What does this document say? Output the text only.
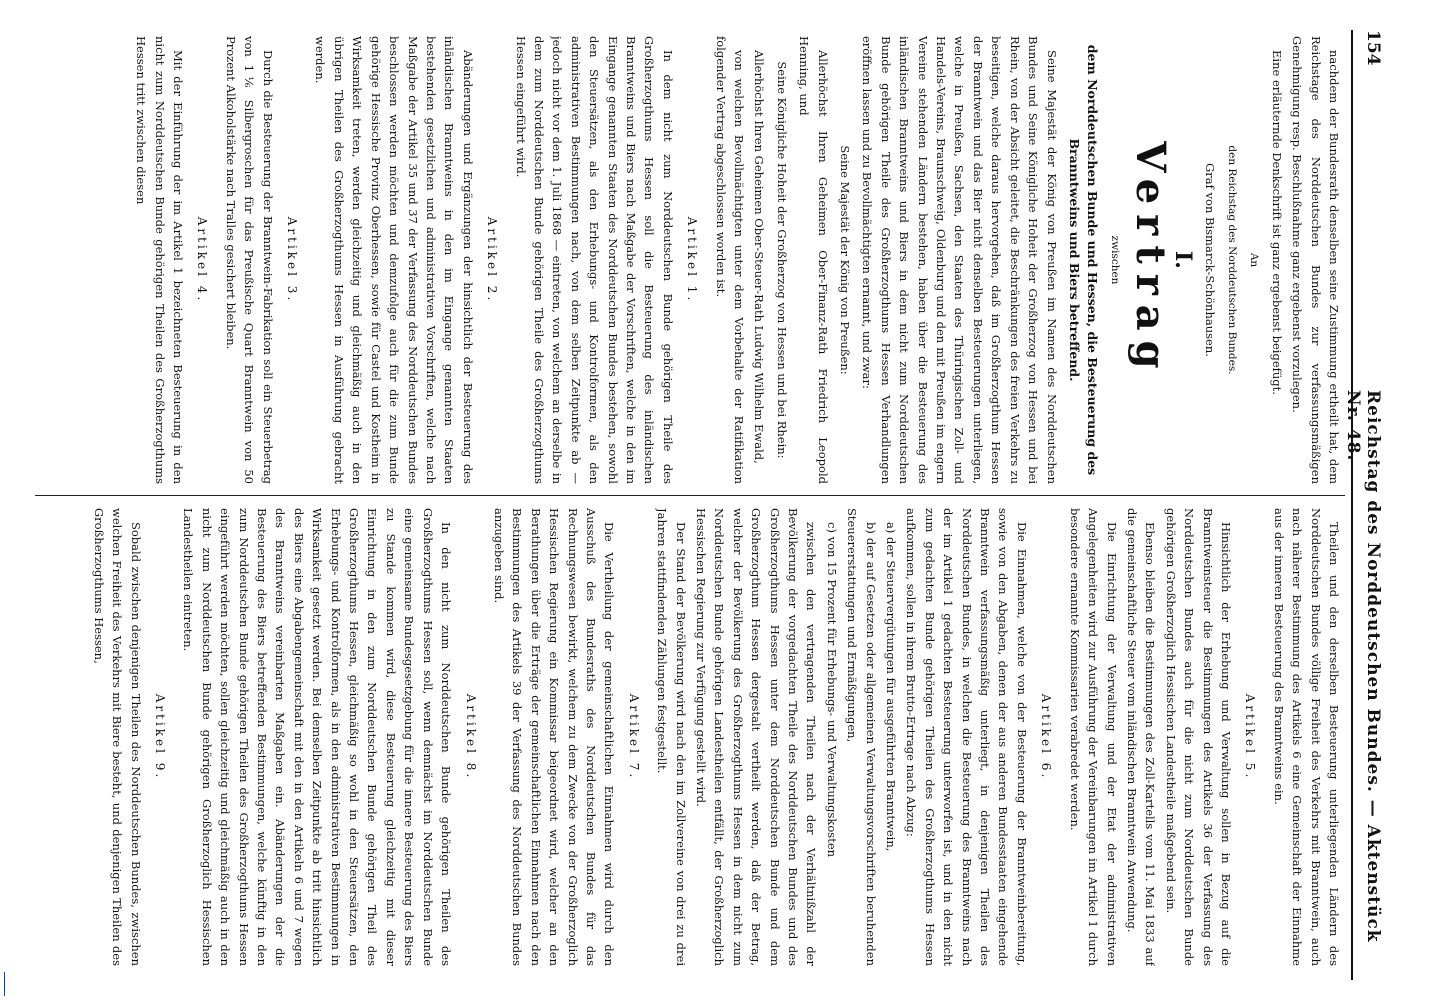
154
Reichstag des Norddeutschen Bundes. — Aktenstück Nr. 48.

nachdem der Bundesrath denselben seine Zustimmung ertheilt hat, dem Reichstage des Norddeutschen Bundes zur verfassungsmäßigen Genehmigung resp. Beschlußnahme ganz ergebenst vorzulegen.

Eine erläuternde Denkschrift ist ganz ergebenst beigefügt.

An

den Reichstag des Norddeutschen Bundes.

Graf von Bismarck-Schönhausen.

I.

Vertrag

zwischen

dem Norddeutschen Bunde und Hessen, die Besteuerung des Branntweins und Biers betreffend.

Seine Majestät der König von Preußen im Namen des Norddeutschen Bundes und Seine Königliche Hoheit der Großherzog von Hessen und bei Rhein, von der Absicht geleitet, die Beschränkungen des freien Verkehrs zu beseitigen, welche daraus hervorgehen, daß im Großherzogthum Hessen der Branntwein und das Bier nicht denselben Besteuerungen unterliegen, welche in Preußen, Sachsen, den Staaten des Thüringischen Zoll- und Handels-Vereins, Braunschweig, Oldenburg und den mit Preußen im engern Vereine stehenden Ländern bestehen, haben über die Besteuerung des inländischen Branntweins und Biers in dem nicht zum Norddeutschen Bunde gehörigen Theile des Großherzogthums Hessen Verhandlungen eröffnen lassen und zu Bevollmächtigten ernannt, und zwar:

Seine Majestät der König von Preußen:

Allerhöchst Ihren Geheimen Ober-Finanz-Rath Friedrich Leopold Henning, und

Seine Königliche Hoheit der Großherzog von Hessen und bei Rhein:

Allerhöchst Ihren Geheimen Ober-Steuer-Rath Ludwig Wilhelm Ewald,

von welchen Bevollmächtigten unter dem Vorbehalte der Ratifikation folgender Vertrag abgeschlossen worden ist.

Artikel 1.

In dem nicht zum Norddeutschen Bunde gehörigen Theile des Großherzogthums Hessen soll die Besteuerung des inländischen Branntweins und Biers nach Maßgabe der Vorschriften, welche in den im Eingange genannten Staaten des Norddeutschen Bundes bestehen, sowohl den Steuersätzen, als den Erhebungs- und Kontrolformen, als den administrativen Bestimmungen nach, von dem selben Zeitpunkte ab — jedoch nicht vor dem 1. Juli 1868 — eintreten, von welchem an derselbe in dem zum Norddeutschen Bunde gehörigen Theile des Großherzogthums Hessen eingeführt wird.

Artikel 2.

Abänderungen und Ergänzungen der hinsichtlich der Besteuerung des inländischen Branntweins in den im Eingange genannten Staaten bestehenden gesetzlichen und administrativen Vorschriften, welche nach Maßgabe der Artikel 35 und 37 der Verfassung des Norddeutschen Bundes beschlossen werden möchten und demzufolge auch für die zum Bunde gehörige Hessische Provinz Oberhessen, sowie für Castel und Kostheim in Wirksamkeit treten, werden gleichzeitig und gleichmäßig auch in den übrigen Theilen des Großherzogthums Hessen in Ausführung gebracht werden.

Artikel 3.

Durch die Besteuerung der Branntwein-Fabrikation soll ein Steuerbetrag von 1⅙ Silbergroschen für das Preußische Quart Branntwein von 50 Prozent Alkoholstärke nach Tralles gesichert bleiben.

Artikel 4.

Mit der Einführung der im Artikel 1 bezeichneten Besteuerung in den nicht zum Norddeutschen Bunde gehörigen Theilen des Großherzogthums Hessen tritt zwischen diesen

Theilen und den derselben Besteuerung unterliegenden Ländern des Norddeutschen Bundes völlige Freiheit des Verkehrs mit Branntwein, auch nach näherer Bestimmung des Artikels 6 eine Gemeinschaft der Einnahme aus der inneren Besteuerung des Branntweins ein.

Artikel 5.

Hinsichtlich der Erhebung und Verwaltung sollen in Bezug auf die Branntweinsteuer die Bestimmungen des Artikels 36 der Verfassung des Norddeutschen Bundes auch für die nicht zum Norddeutschen Bunde gehörigen Großherzoglich Hessischen Landestheile maßgebend sein.

Ebenso bleiben die Bestimmungen des Zoll-Kartells vom 11. Mai 1833 auf die gemeinschaftliche Steuer vom inländischen Branntwein Anwendung.

Die Einrichtung der Verwaltung und der Etat der administrativen Angelegenheiten wird zur Ausführung der Vereinbarungen im Artikel 1 durch besondere ernannte Kommissarien verabredet werden.

Artikel 6.

Die Einnahmen, welche von der Besteuerung der Branntweinbereitung, sowie von den Abgaben, denen der aus anderen Bundesstaaten eingehende Branntwein verfassungsmäßig unterliegt, in denjenigen Theilen des Norddeutschen Bundes, in welchen die Besteuerung des Branntweins nach der im Artikel 1 gedachten Besteuerung unterworfen ist, und in den nicht zum gedachten Bunde gehörigen Theilen des Großherzogthums Hessen aufkommen, sollen in ihrem Brutto-Ertrage nach Abzug:

a) der Steuervergütungen für ausgeführten Branntwein,

b) der auf Gesetzen oder allgemeinen Verwaltungsvorschriften beruhenden Steuererstattungen und Ermäßigungen,

c) von 15 Prozent für Erhebungs- und Verwaltungskosten

zwischen den vertragenden Theilen nach der Verhältnißzahl der Bevölkerung der vorgedachten Theile des Norddeutschen Bundes und des Großherzogthums Hessen unter dem Norddeutschen Bunde und dem Großherzogthum Hessen dergestalt vertheilt werden, daß der Betrag, welcher der Bevölkerung des Großherzogthums Hessen in dem nicht zum Norddeutschen Bunde gehörigen Landestheilen entfällt, der Großherzoglich Hessischen Regierung zur Verfügung gestellt wird.

Der Stand der Bevölkerung wird nach den im Zollvereine von drei zu drei Jahren stattfindenden Zählungen festgestellt.

Artikel 7.

Die Vertheilung der gemeinschaftlichen Einnahmen wird durch den Ausschuß des Bundesraths des Norddeutschen Bundes für das Rechnungswesen bewirkt, welchem zu dem Zwecke von der Großherzoglich Hessischen Regierung ein Kommissar beigeordnet wird, welcher an den Berathungen über die Erträge der gemeinschaftlichen Einnahmen nach den Bestimmungen des Artikels 39 der Verfassung des Norddeutschen Bundes anzugeben sind.

Artikel 8.

In den nicht zum Norddeutschen Bunde gehörigen Theilen des Großherzogthums Hessen soll, wenn demnächst im Norddeutschen Bunde eine gemeinsame Bundesgesetzgebung für die innere Besteuerung des Biers zu Stande kommen wird, diese Besteuerung gleichzeitig mit dieser Einrichtung in den zum Norddeutschen Bunde gehörigen Theil des Großherzogthums Hessen, gleichmäßig so wohl in den Steuersätzen, den Erhebungs- und Kontrolformen, als in den administrativen Bestimmungen in Wirksamkeit gesetzt werden. Bei demselben Zeitpunkte ab tritt hinsichtlich des Biers eine Abgabengemeinschaft mit den in den Artikeln 6 und 7 wegen des Branntweins vereinbarten Maßgaben ein. Abänderungen der die Besteuerung des Biers betreffenden Bestimmungen, welche künftig in den zum Norddeutschen Bunde gehörigen Theilen des Großherzogthums Hessen eingeführt werden möchten, sollen gleichzeitig und gleichmäßig auch in den nicht zum Norddeutschen Bunde gehörigen Großherzoglich Hessischen Landestheilen eintreten.

Artikel 9.

Sobald zwischen denjenigen Theilen des Norddeutschen Bundes, zwischen welchen Freiheit des Verkehrs mit Biere besteht, und denjenigen Theilen des Großherzogthums Hessen,
